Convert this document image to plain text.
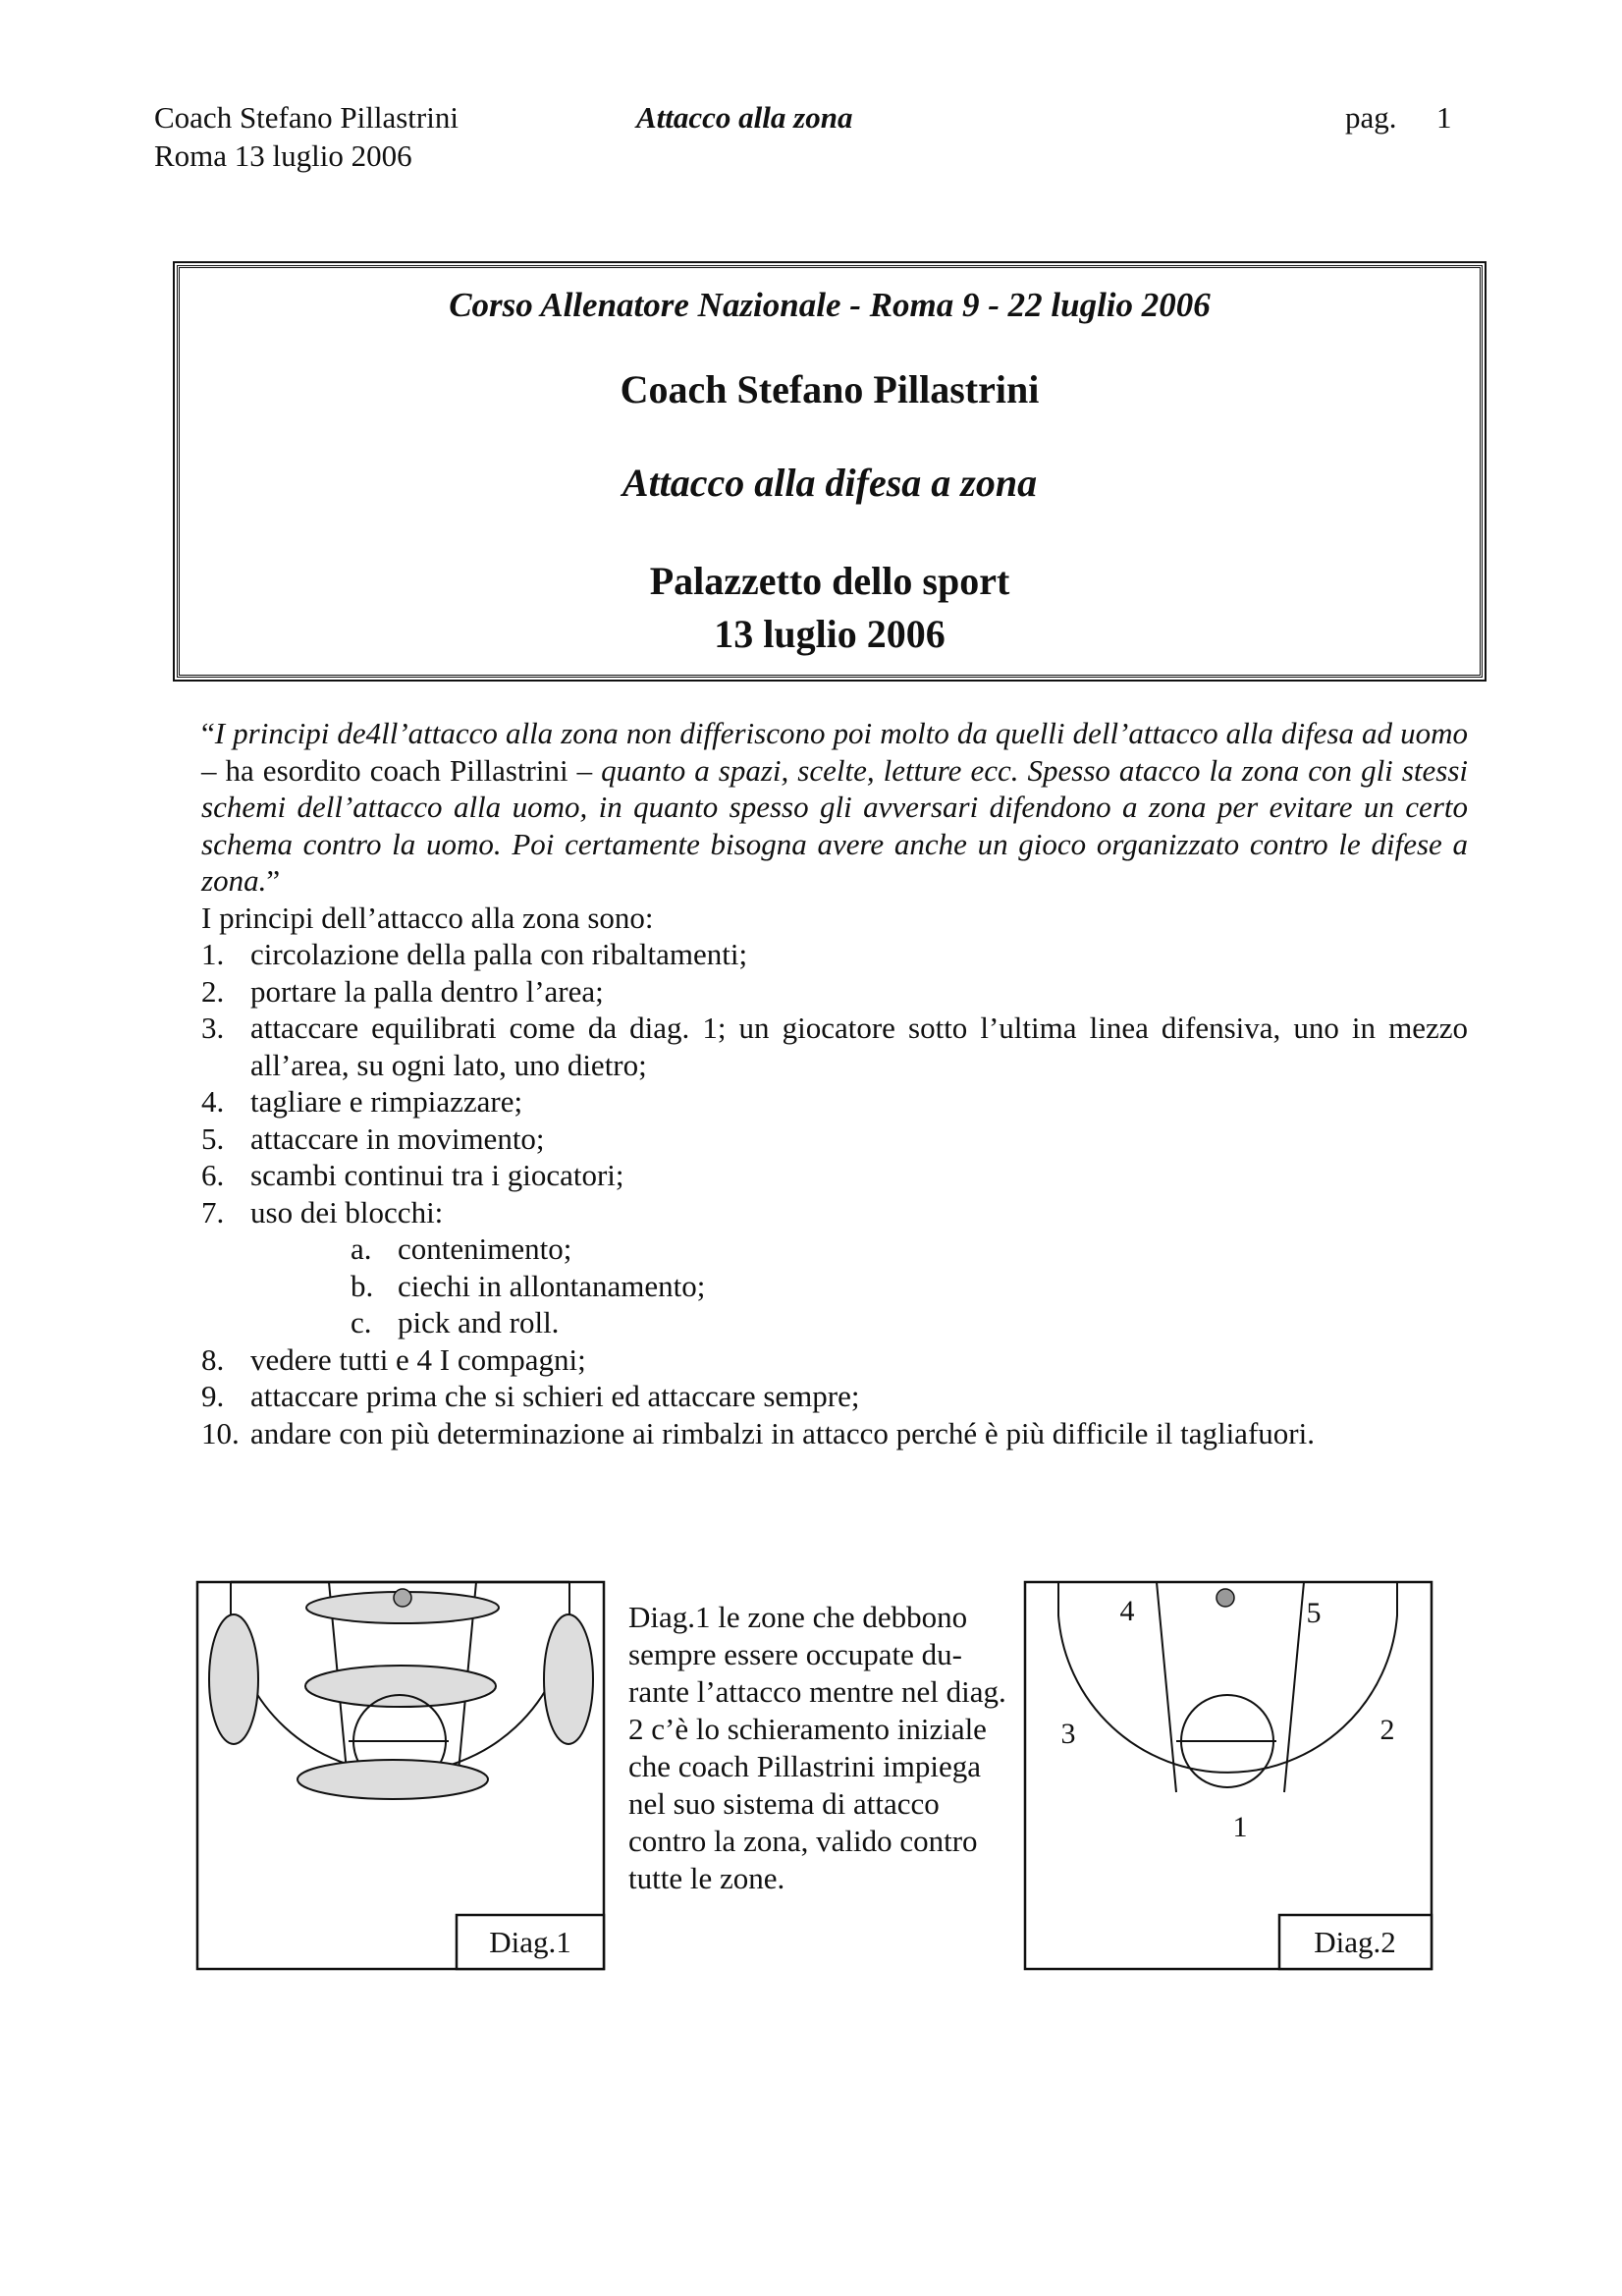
Coach Stefano Pillastrini
Roma 13 luglio 2006
Attacco alla zona	pag. 1
Corso Allenatore Nazionale - Roma 9 - 22 luglio 2006
Coach Stefano Pillastrini
Attacco alla difesa a zona
Palazzetto dello sport
13 luglio 2006
“I principi de4ll’attacco alla zona non differiscono poi molto da quelli dell’attacco alla difesa ad uomo – ha esordito coach Pillastrini – quanto a spazi, scelte, letture ecc. Spesso atacco la zona con gli stessi schemi dell’attacco alla uomo, in quanto spesso gli avversari difendono a zona per evitare un certo schema contro la uomo. Poi certamente bisogna avere anche un gioco organizzato contro le difese a zona.”
I principi dell’attacco alla zona sono:
1. circolazione della palla con ribaltamenti;
2. portare la palla dentro l’area;
3. attaccare equilibrati come da diag. 1; un giocatore sotto l’ultima linea difensiva, uno in mezzo all’area, su ogni lato, uno dietro;
4. tagliare e rimpiazzare;
5. attaccare in movimento;
6. scambi continui tra i giocatori;
7. uso dei blocchi:
a. contenimento;
b. ciechi in allontanamento;
c. pick and roll.
8. vedere tutti e 4 I compagni;
9. attaccare prima che si schieri ed attaccare sempre;
10. andare con più determinazione ai rimbalzi in attacco perché è più difficile il tagliafuori.
Diag.1
Diag.1 le zone che debbono sempre essere occupate du-rante l’attacco mentre nel diag. 2 c’è lo schieramento iniziale che coach Pillastrini impiega nel suo sistema di attacco contro la zona, valido contro tutte le zone.
4	5
3	2
1
Diag.2
